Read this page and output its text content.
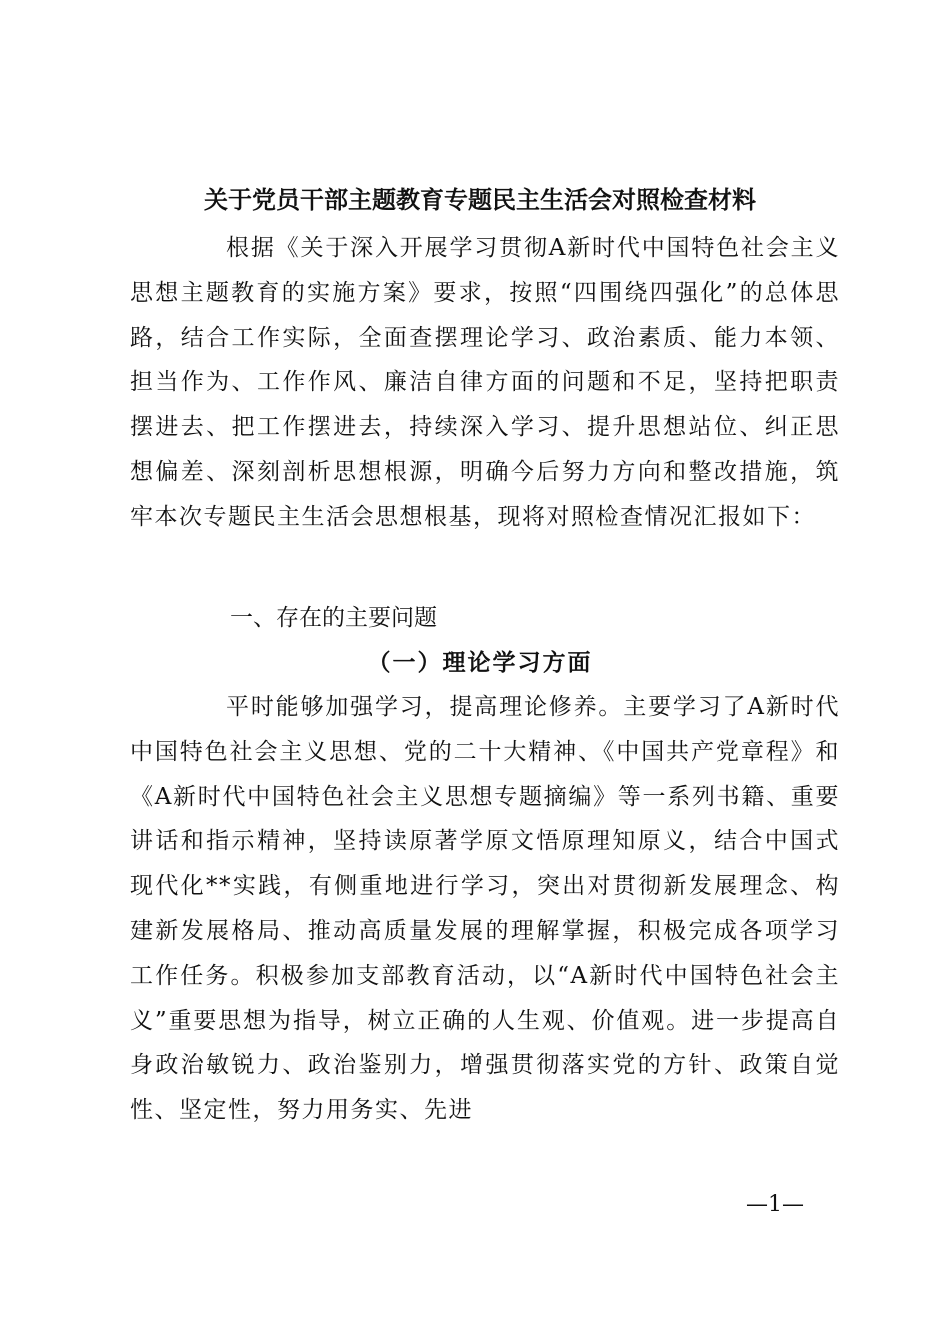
关于党员干部主题教育专题民主生活会对照检查材料

根据《关于深入开展学习贯彻A新时代中国特色社会主义思想主题教育的实施方案》要求，按照“四围绕四强化”的总体思路，结合工作实际，全面查摆理论学习、政治素质、能力本领、担当作为、工作作风、廉洁自律方面的问题和不足，坚持把职责摆进去、把工作摆进去，持续深入学习、提升思想站位、纠正思想偏差、深刻剖析思想根源，明确今后努力方向和整改措施，筑牢本次专题民主生活会思想根基，现将对照检查情况汇报如下：

一、存在的主要问题
（一）理论学习方面

平时能够加强学习，提高理论修养。主要学习了A新时代中国特色社会主义思想、党的二十大精神、《中国共产党章程》和《A新时代中国特色社会主义思想专题摘编》等一系列书籍、重要讲话和指示精神，坚持读原著学原文悟原理知原义，结合中国式现代化**实践，有侧重地进行学习，突出对贯彻新发展理念、构建新发展格局、推动高质量发展的理解掌握，积极完成各项学习工作任务。积极参加支部教育活动，以“A新时代中国特色社会主义”重要思想为指导，树立正确的人生观、价值观。进一步提高自身政治敏锐力、政治鉴别力，增强贯彻落实党的方针、政策自觉性、坚定性，努力用务实、先进

—1—
